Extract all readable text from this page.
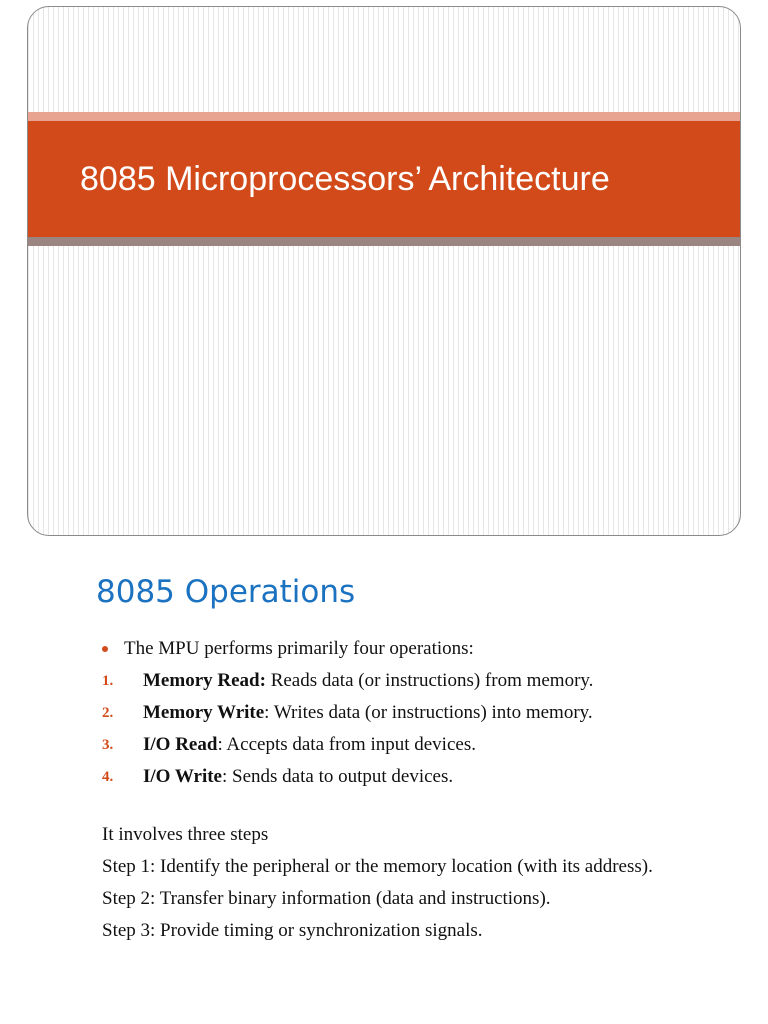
8085 Microprocessors’ Architecture
8085 Operations
The MPU performs primarily four operations:
1. Memory Read: Reads data (or instructions) from memory.
2. Memory Write: Writes data (or instructions) into memory.
3. I/O Read: Accepts data from input devices.
4. I/O Write: Sends data to output devices.
It involves three steps
Step 1: Identify the peripheral or the memory location (with its address).
Step 2: Transfer binary information (data and instructions).
Step 3: Provide timing or synchronization signals.
